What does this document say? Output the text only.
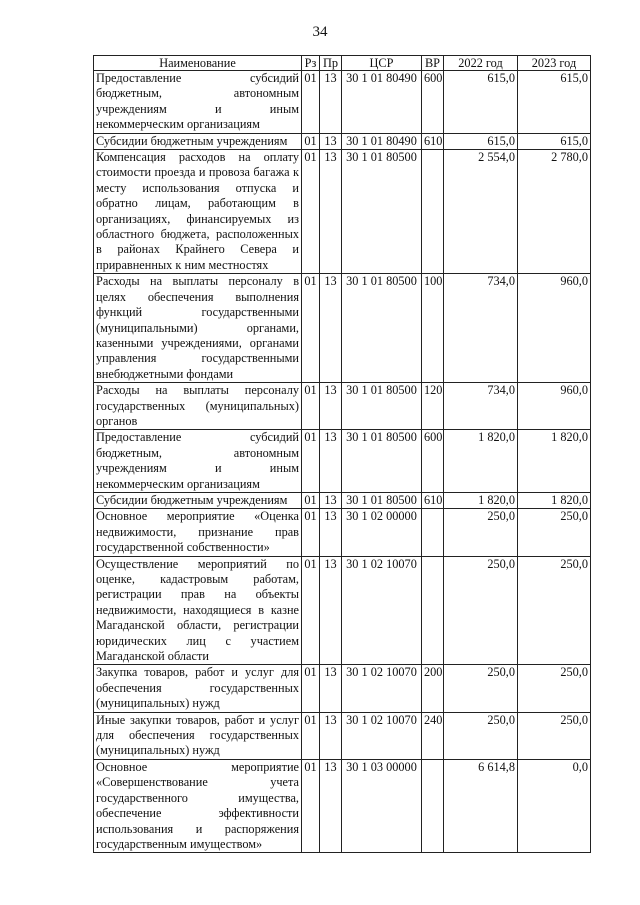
34
Наименование	Рз	Пр	ЦСР	ВР	2022 год	2023 год
Предоставление субсидий бюджетным, автономным учреждениям и иным некоммерческим организациям	01	13	30 1 01 80490	600	615,0	615,0
Субсидии бюджетным учреждениям	01	13	30 1 01 80490	610	615,0	615,0
Компенсация расходов на оплату стоимости проезда и провоза багажа к месту использования отпуска и обратно лицам, работающим в организациях, финансируемых из областного бюджета, расположенных в районах Крайнего Севера и приравненных к ним местностях	01	13	30 1 01 80500		2 554,0	2 780,0
Расходы на выплаты персоналу в целях обеспечения выполнения функций государственными (муниципальными) органами, казенными учреждениями, органами управления государственными внебюджетными фондами	01	13	30 1 01 80500	100	734,0	960,0
Расходы на выплаты персоналу государственных (муниципальных) органов	01	13	30 1 01 80500	120	734,0	960,0
Предоставление субсидий бюджетным, автономным учреждениям и иным некоммерческим организациям	01	13	30 1 01 80500	600	1 820,0	1 820,0
Субсидии бюджетным учреждениям	01	13	30 1 01 80500	610	1 820,0	1 820,0
Основное мероприятие «Оценка недвижимости, признание прав государственной собственности»	01	13	30 1 02 00000		250,0	250,0
Осуществление мероприятий по оценке, кадастровым работам, регистрации прав на объекты недвижимости, находящиеся в казне Магаданской области, регистрации юридических лиц с участием Магаданской области	01	13	30 1 02 10070		250,0	250,0
Закупка товаров, работ и услуг для обеспечения государственных (муниципальных) нужд	01	13	30 1 02 10070	200	250,0	250,0
Иные закупки товаров, работ и услуг для обеспечения государственных (муниципальных) нужд	01	13	30 1 02 10070	240	250,0	250,0
Основное мероприятие «Совершенствование учета государственного имущества, обеспечение эффективности использования и распоряжения государственным имуществом»	01	13	30 1 03 00000		6 614,8	0,0
